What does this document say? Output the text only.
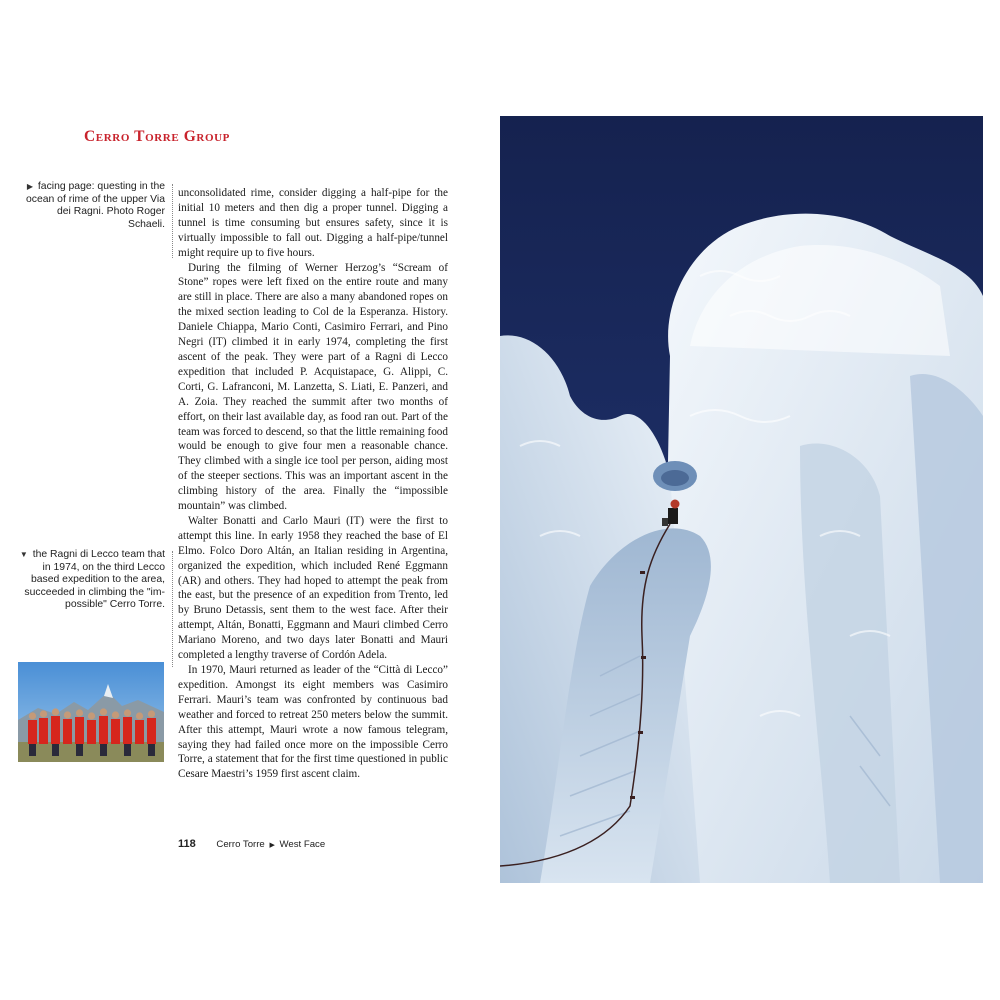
Cerro Torre Group
▶ facing page: questing in the ocean of rime of the upper Via dei Ragni. Photo Roger Schaeli.
▼ the Ragni di Lecco team that in 1974, on the third Lecco based expedition to the area, succeeded in climbing the "im-possible" Cerro Torre.

unconsolidated rime, consider digging a half-pipe for the initial 10 meters and then dig a proper tunnel. Digging a tunnel is time consuming but ensures safety, since it is virtually impossible to fall out. Digging a half-pipe/tunnel might require up to five hours.

During the filming of Werner Herzog’s “Scream of Stone” ropes were left fixed on the entire route and many are still in place. There are also a many abandoned ropes on the mixed section leading to Col de la Esperanza. History. Daniele Chiappa, Mario Conti, Casimiro Ferrari, and Pino Negri (IT) climbed it in early 1974, completing the first ascent of the peak. They were part of a Ragni di Lecco expedition that included P. Acquistapace, G. Alippi, C. Corti, G. Lafranconi, M. Lanzetta, S. Liati, E. Panzeri, and A. Zoia. They reached the summit after two months of effort, on their last available day, as food ran out. Part of the team was forced to descend, so that the little remaining food would be enough to give four men a reasonable chance. They climbed with a single ice tool per person, aiding most of the steeper sections. This was an important ascent in the climbing history of the area. Finally the “impossible mountain” was climbed.

Walter Bonatti and Carlo Mauri (IT) were the first to attempt this line. In early 1958 they reached the base of El Elmo. Folco Doro Altán, an Italian residing in Argentina, organized the expedition, which included René Eggmann (AR) and others. They had hoped to attempt the peak from the east, but the presence of an expedition from Trento, led by Bruno Detassis, sent them to the west face. After their attempt, Altán, Bonatti, Eggmann and Mauri climbed Cerro Mariano Moreno, and two days later Bonatti and Mauri completed a lengthy traverse of Cordón Adela.

In 1970, Mauri returned as leader of the “Città di Lecco” expedition. Amongst its eight members was Casimiro Ferrari. Mauri’s team was confronted by continuous bad weather and forced to retreat 250 meters below the summit. After this attempt, Mauri wrote a now famous telegram, saying they had failed once more on the impossible Cerro Torre, a statement that for the first time questioned in public Cesare Maestri’s 1959 first ascent claim.

118 Cerro Torre ▶ West Face
